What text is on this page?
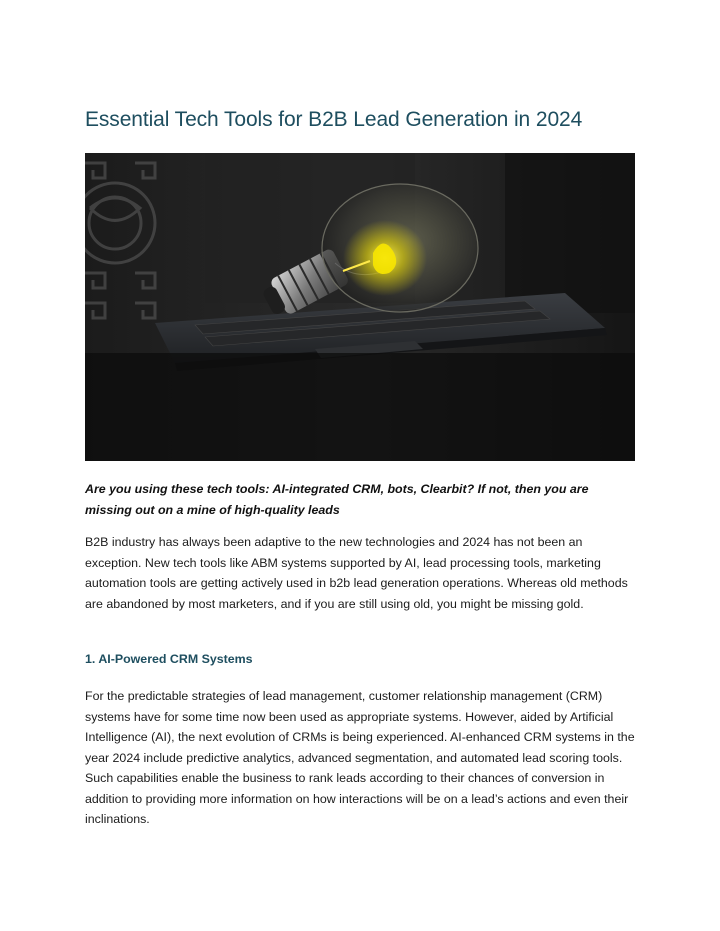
Essential Tech Tools for B2B Lead Generation in 2024

Are you using these tech tools: AI-integrated CRM, bots, Clearbit? If not, then you are missing out on a mine of high-quality leads

B2B industry has always been adaptive to the new technologies and 2024 has not been an exception. New tech tools like ABM systems supported by AI, lead processing tools, marketing automation tools are getting actively used in b2b lead generation operations. Whereas old methods are abandoned by most marketers, and if you are still using old, you might be missing gold.

1. AI-Powered CRM Systems

For the predictable strategies of lead management, customer relationship management (CRM) systems have for some time now been used as appropriate systems. However, aided by Artificial Intelligence (AI), the next evolution of CRMs is being experienced. AI-enhanced CRM systems in the year 2024 include predictive analytics, advanced segmentation, and automated lead scoring tools. Such capabilities enable the business to rank leads according to their chances of conversion in addition to providing more information on how interactions will be on a lead’s actions and even their inclinations.
